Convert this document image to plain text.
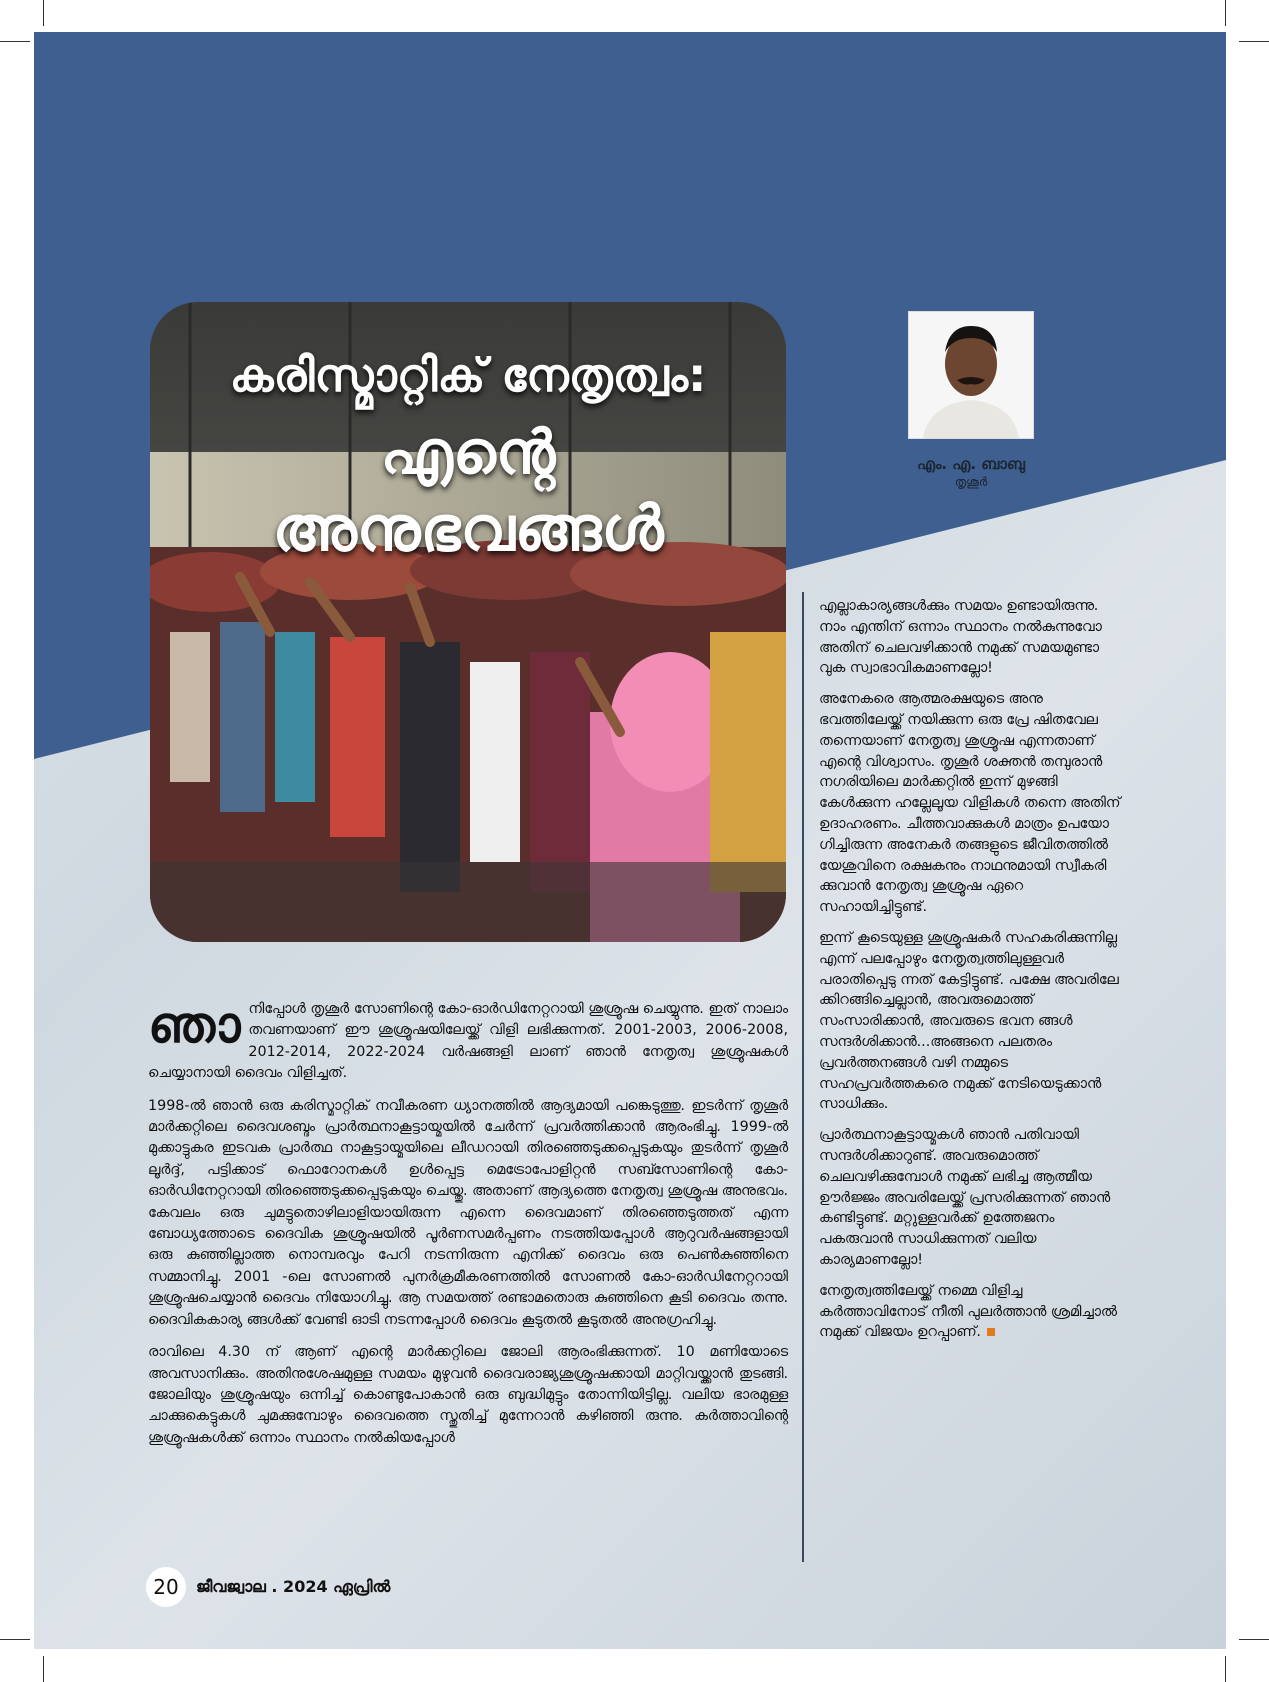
കരിസ്മാറ്റിക് നേതൃത്വം:
എന്റെ
അനുഭവങ്ങൾ
എം. എ. ബാബു
തൃശൂർ

ഞാനിപ്പോൾ തൃശൂർ സോണിന്റെ കോ-ഓർഡിനേറ്ററായി ശുശ്രൂഷ ചെയ്യുന്നു. ഇത് നാലാം തവണയാണ് ഈ ശുശ്രൂഷയിലേയ്ക്ക് വിളി ലഭിക്കുന്നത്. 2001-2003, 2006-2008, 2012-2014, 2022-2024 വർഷങ്ങളി ലാണ് ഞാൻ നേതൃത്വ ശുശ്രൂഷകൾ ചെയ്യാനായി ദൈവം വിളിച്ചത്.

1998-ൽ ഞാൻ ഒരു കരിസ്മാറ്റിക് നവീകരണ ധ്യാനത്തിൽ ആദ്യമായി പങ്കെടുത്തു. ഇടർന്ന് തൃശൂർ മാർക്കറ്റിലെ ദൈവശബ്ദം പ്രാർത്ഥനാകൂട്ടായ്മയിൽ ചേർന്ന് പ്രവർത്തിക്കാൻ ആരംഭിച്ചു. 1999-ൽ മുക്കാട്ടുകര ഇടവക പ്രാർത്ഥ നാകൂട്ടായ്മയിലെ ലീഡറായി തിരഞ്ഞെടുക്കപ്പെടുകയും തുടർന്ന് തൃശൂർ ലൂർദ്ദ്, പട്ടിക്കാട് ഫൊറോനകൾ ഉൾപ്പെട്ട മെട്രോപോളിറ്റൻ സബ്സോണിന്റെ കോ-ഓർഡിനേറ്ററായി തിരഞ്ഞെടുക്കപ്പെടുകയും ചെയ്തു. അതാണ് ആദ്യത്തെ നേതൃത്വ ശുശ്രൂഷ അനുഭവം. കേവലം ഒരു ചുമട്ടുതൊഴിലാളിയായിരുന്ന എന്നെ ദൈവമാണ് തിരഞ്ഞെടുത്തത് എന്ന ബോധ്യത്തോടെ ദൈവിക ശുശ്രൂഷയിൽ പൂർണസമർപ്പണം നടത്തിയപ്പോൾ ആറുവർഷങ്ങളായി ഒരു കുഞ്ഞില്ലാത്ത നൊമ്പരവും പേറി നടന്നിരുന്ന എനിക്ക് ദൈവം ഒരു പെൺകുഞ്ഞിനെ സമ്മാനിച്ചു. 2001 -ലെ സോണൽ പുനർക്രമീകരണത്തിൽ സോണൽ കോ-ഓർഡിനേറ്ററായി ശുശ്രൂഷചെയ്യാൻ ദൈവം നിയോഗിച്ചു. ആ സമയത്ത് രണ്ടാമതൊരു കുഞ്ഞിനെ കൂടി ദൈവം തന്നു. ദൈവികകാര്യ ങ്ങൾക്ക് വേണ്ടി ഓടി നടന്നപ്പോൾ ദൈവം കൂടുതൽ കൂടുതൽ അനുഗ്രഹിച്ചു.

രാവിലെ 4.30 ന് ആണ് എന്റെ മാർക്കറ്റിലെ ജോലി ആരംഭിക്കുന്നത്. 10 മണിയോടെ അവസാനിക്കും. അതിനുശേഷമുള്ള സമയം മുഴുവൻ ദൈവരാജ്യശുശ്രൂഷക്കായി മാറ്റിവയ്ക്കാൻ തുടങ്ങി. ജോലിയും ശുശ്രൂഷയും ഒന്നിച്ച് കൊണ്ടുപോകാൻ ഒരു ബുദ്ധിമുട്ടും തോന്നിയിട്ടില്ല. വലിയ ഭാരമുള്ള ചാക്കുകെട്ടുകൾ ചുമക്കുമ്പോഴും ദൈവത്തെ സ്തുതിച്ച് മുന്നേറാൻ കഴിഞ്ഞി രുന്നു. കർത്താവിന്റെ ശുശ്രൂഷകൾക്ക് ഒന്നാം സ്ഥാനം നൽകിയപ്പോൾ

എല്ലാകാര്യങ്ങൾക്കും സമയം ഉണ്ടായിരുന്നു. നാം എന്തിന് ഒന്നാം സ്ഥാനം നൽകുന്നുവോ അതിന് ചെലവഴിക്കാൻ നമുക്ക് സമയമുണ്ടാ വുക സ്വാഭാവികമാണല്ലോ!

അനേകരെ ആത്മരക്ഷയുടെ അനു ഭവത്തിലേയ്ക്ക് നയിക്കുന്ന ഒരു പ്രേ ഷിതവേല തന്നെയാണ് നേതൃത്വ ശുശ്രൂഷ എന്നതാണ് എന്റെ വിശ്വാസം. തൃശൂർ ശക്തൻ തമ്പുരാൻ നഗരിയിലെ മാർക്കറ്റിൽ ഇന്ന് മുഴങ്ങി കേൾക്കുന്ന ഹല്ലേലൂയ വിളികൾ തന്നെ അതിന് ഉദാഹരണം. ചീത്തവാക്കുകൾ മാത്രം ഉപയോ ഗിച്ചിരുന്ന അനേകർ തങ്ങളുടെ ജീവിതത്തിൽ യേശുവിനെ രക്ഷകനും നാഥനുമായി സ്വീകരി ക്കുവാൻ നേതൃത്വ ശുശ്രൂഷ ഏറെ സഹായിച്ചിട്ടുണ്ട്.

ഇന്ന് കൂടെയുള്ള ശുശ്രൂഷകർ സഹകരിക്കുന്നില്ല എന്ന് പലപ്പോഴും നേതൃത്വത്തിലുള്ളവർ പരാതിപ്പെടു ന്നത് കേട്ടിട്ടുണ്ട്. പക്ഷേ അവരിലേ ക്കിറങ്ങിച്ചെല്ലാൻ, അവരുമൊത്ത് സംസാരിക്കാൻ, അവരുടെ ഭവന ങ്ങൾ സന്ദർശിക്കാൻ...അങ്ങനെ പലതരം പ്രവർത്തനങ്ങൾ വഴി നമ്മുടെ സഹപ്രവർത്തകരെ നമുക്ക് നേടിയെടുക്കാൻ സാധിക്കും.

പ്രാർത്ഥനാകൂട്ടായ്മകൾ ഞാൻ പതിവായി സന്ദർശിക്കാറുണ്ട്. അവരുമൊത്ത് ചെലവഴിക്കുമ്പോൾ നമുക്ക് ലഭിച്ച ആത്മീയ ഊർജ്ജം അവരിലേയ്ക്ക് പ്രസരിക്കുന്നത് ഞാൻ കണ്ടിട്ടുണ്ട്. മറ്റുള്ളവർക്ക് ഉത്തേജനം പകരുവാൻ സാധിക്കുന്നത് വലിയ കാര്യമാണല്ലോ!

നേതൃത്വത്തിലേയ്ക്ക് നമ്മെ വിളിച്ച കർത്താവിനോട് നീതി പുലർത്താൻ ശ്രമിച്ചാൽ നമുക്ക് വിജയം ഉറപ്പാണ്.

20	ജീവജ്വാല . 2024 ഏപ്രിൽ
